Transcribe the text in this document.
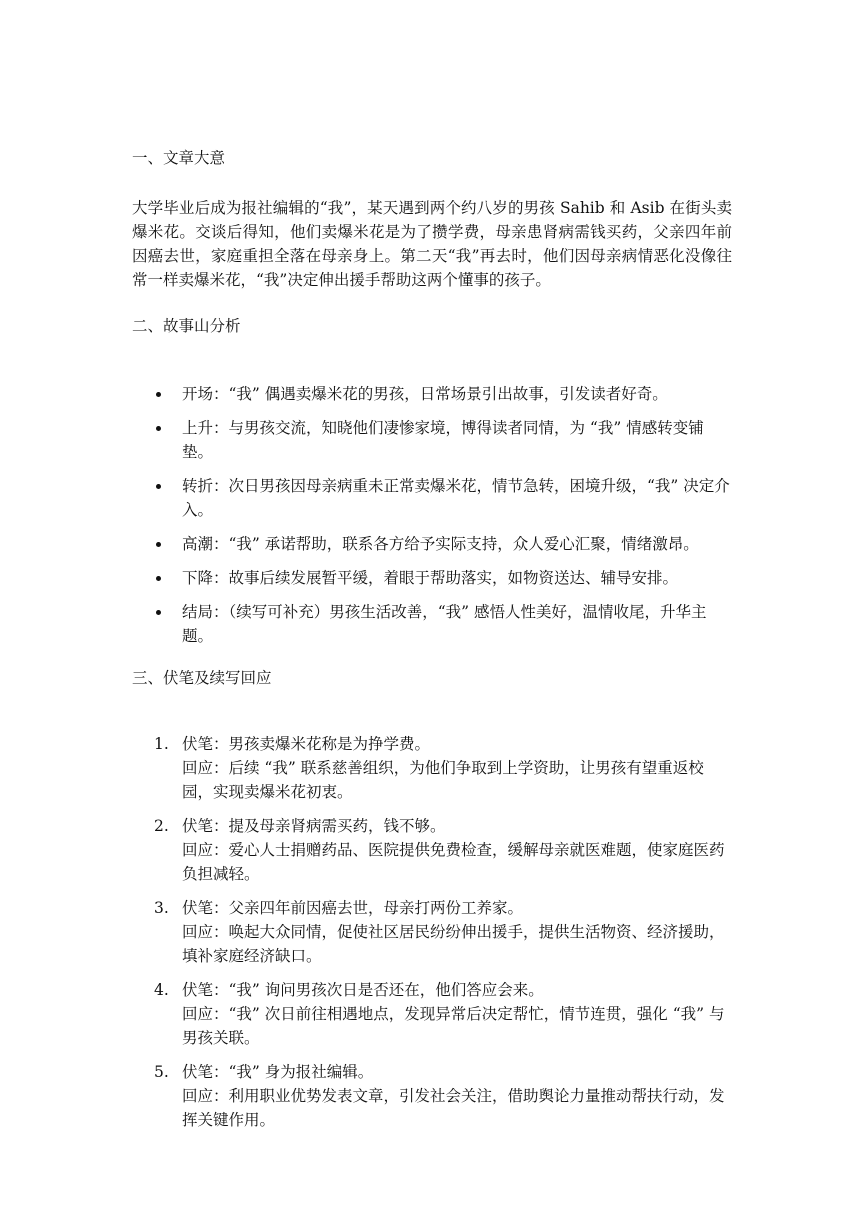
一、文章大意

大学毕业后成为报社编辑的“我”，某天遇到两个约八岁的男孩 Sahib 和 Asib 在街头卖爆米花。交谈后得知，他们卖爆米花是为了攒学费，母亲患肾病需钱买药，父亲四年前因癌去世，家庭重担全落在母亲身上。第二天“我”再去时，他们因母亲病情恶化没像往常一样卖爆米花，“我”决定伸出援手帮助这两个懂事的孩子。

二、故事山分析
开场：“我” 偶遇卖爆米花的男孩，日常场景引出故事，引发读者好奇。
上升：与男孩交流，知晓他们凄惨家境，博得读者同情，为 “我” 情感转变铺垫。
转折：次日男孩因母亲病重未正常卖爆米花，情节急转，困境升级，“我” 决定介入。
高潮：“我” 承诺帮助，联系各方给予实际支持，众人爱心汇聚，情绪激昂。
下降：故事后续发展暂平缓，着眼于帮助落实，如物资送达、辅导安排。
结局：（续写可补充）男孩生活改善，“我” 感悟人性美好，温情收尾，升华主题。
三、伏笔及续写回应
1. 伏笔：男孩卖爆米花称是为挣学费。
回应：后续 “我” 联系慈善组织，为他们争取到上学资助，让男孩有望重返校园，实现卖爆米花初衷。
2. 伏笔：提及母亲肾病需买药，钱不够。
回应：爱心人士捐赠药品、医院提供免费检查，缓解母亲就医难题，使家庭医药负担减轻。
3. 伏笔：父亲四年前因癌去世，母亲打两份工养家。
回应：唤起大众同情，促使社区居民纷纷伸出援手，提供生活物资、经济援助，填补家庭经济缺口。
4. 伏笔：“我” 询问男孩次日是否还在，他们答应会来。
回应：“我” 次日前往相遇地点，发现异常后决定帮忙，情节连贯，强化 “我” 与男孩关联。
5. 伏笔：“我” 身为报社编辑。
回应：利用职业优势发表文章，引发社会关注，借助舆论力量推动帮扶行动，发挥关键作用。
